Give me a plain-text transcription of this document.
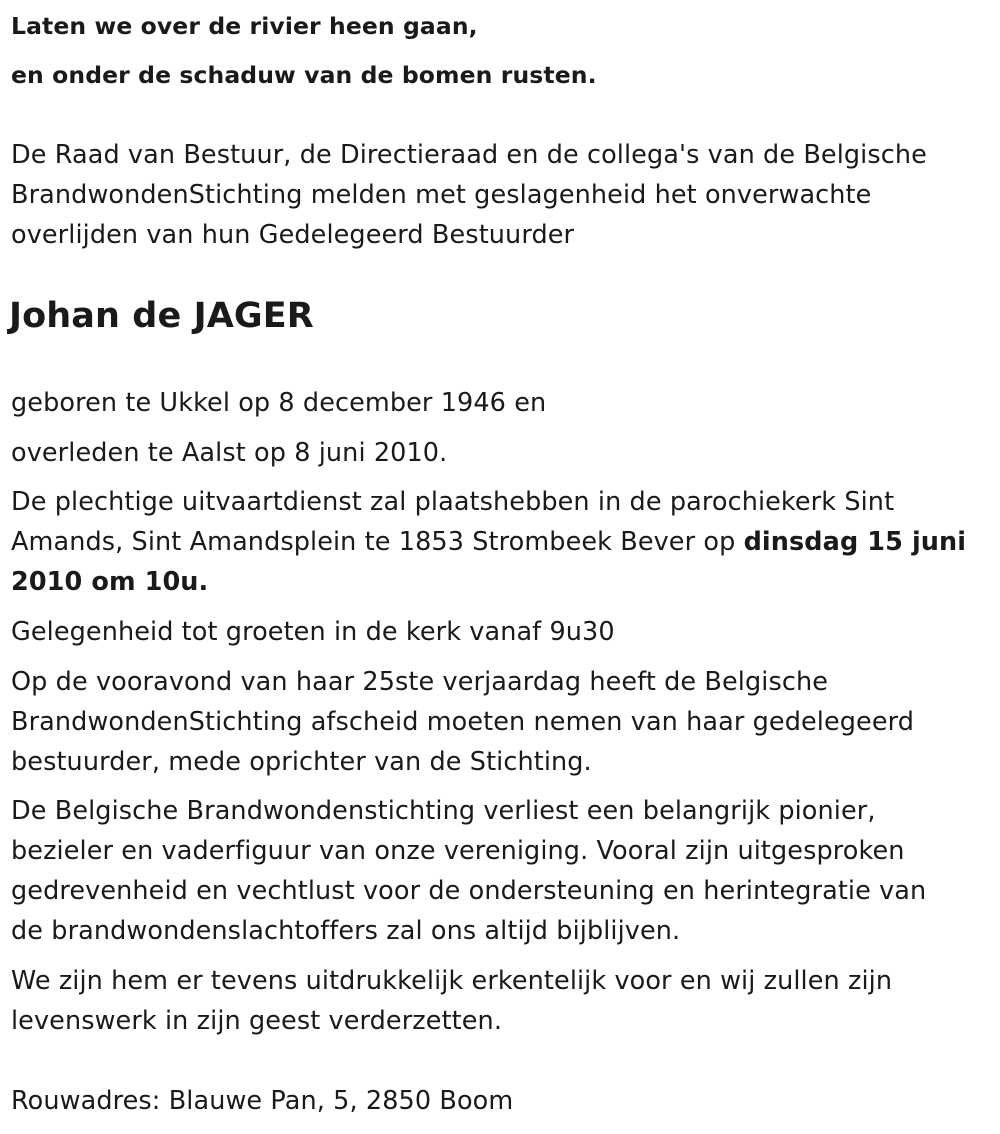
Laten we over de rivier heen gaan,
en onder de schaduw van de bomen rusten.
De Raad van Bestuur, de Directieraad en de collega's van de Belgische
BrandwondenStichting melden met geslagenheid het onverwachte
overlijden van hun Gedelegeerd Bestuurder
Johan de JAGER
geboren te Ukkel op 8 december 1946 en
overleden te Aalst op 8 juni 2010.
De plechtige uitvaartdienst zal plaatshebben in de parochiekerk Sint
Amands, Sint Amandsplein te 1853 Strombeek Bever op dinsdag 15 juni
2010 om 10u.
Gelegenheid tot groeten in de kerk vanaf 9u30
Op de vooravond van haar 25ste verjaardag heeft de Belgische
BrandwondenStichting afscheid moeten nemen van haar gedelegeerd
bestuurder, mede oprichter van de Stichting.
De Belgische Brandwondenstichting verliest een belangrijk pionier,
bezieler en vaderfiguur van onze vereniging. Vooral zijn uitgesproken
gedrevenheid en vechtlust voor de ondersteuning en herintegratie van
de brandwondenslachtoffers zal ons altijd bijblijven.
We zijn hem er tevens uitdrukkelijk erkentelijk voor en wij zullen zijn
levenswerk in zijn geest verderzetten.
Rouwadres: Blauwe Pan, 5, 2850 Boom
